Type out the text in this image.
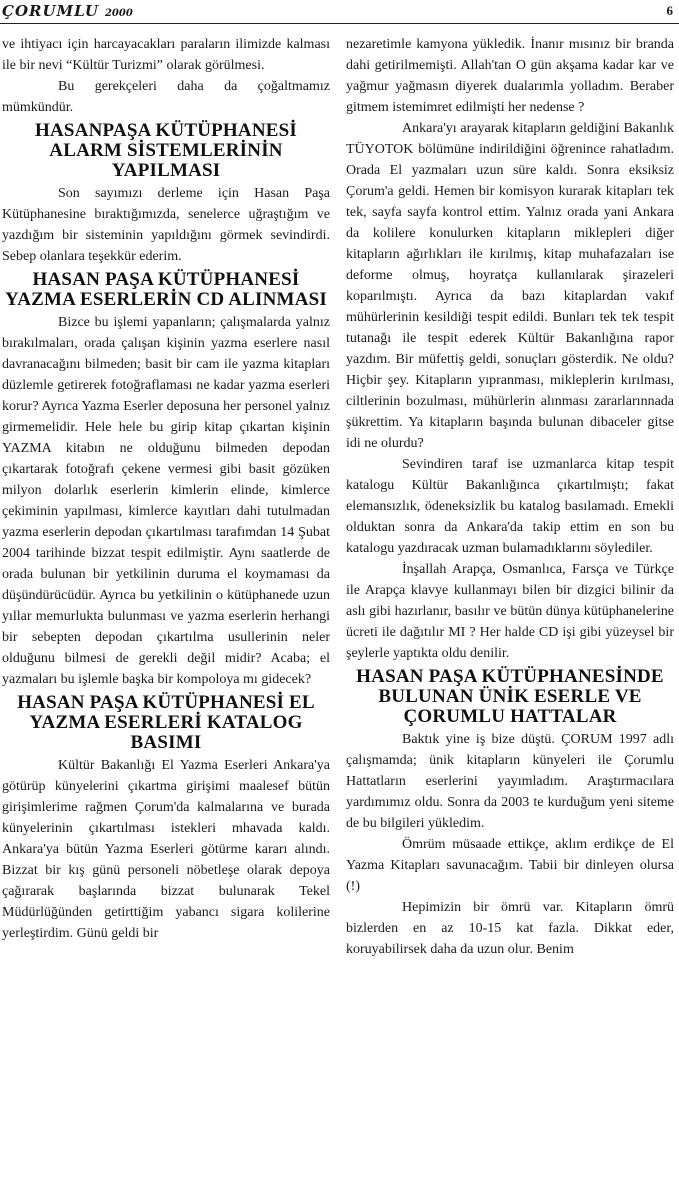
ÇORUMLU 2000	6

ve ihtiyacı için harcayacakları paraların ilimizde kalması ile bir nevi “Kültür Turizmi” olarak görülmesi.

Bu gerekçeleri daha da çoğaltmamız mümkündür.

HASANPAŞA KÜTÜPHANESİ ALARM SİSTEMLERİNİN YAPILMASI

Son sayımızı derleme için Hasan Paşa Kütüphanesine bıraktığımızda, senelerce uğraştığım ve yazdığım bir sisteminin yapıldığını görmek sevindirdi. Sebep olanlara teşekkür ederim.

HASAN PAŞA KÜTÜPHANESİ YAZMA ESERLERİN CD ALINMASI

Bizce bu işlemi yapanların; çalışmalarda yalnız bırakılmaları, orada çalışan kişinin yazma eserlere nasıl davranacağını bilmeden; basit bir cam ile yazma kitapları düzlemle getirerek fotoğraflaması ne kadar yazma eserleri korur? Ayrıca Yazma Eserler deposuna her personel yalnız girmemelidir. Hele hele bu girip kitap çıkartan kişinin YAZMA kitabın ne olduğunu bilmeden depodan çıkartarak fotoğrafı çekene vermesi gibi basit gözüken milyon dolarlık eserlerin kimlerin elinde, kimlerce çekiminin yapılması, kimlerce kayıtları dahi tutulmadan yazma eserlerin depodan çıkartılması tarafımdan 14 Şubat 2004 tarihinde bizzat tespit edilmiştir. Aynı saatlerde de orada bulunan bir yetkilinin duruma el koymaması da düşündürücüdür. Ayrıca bu yetkilinin o kütüphanede uzun yıllar memurlukta bulunması ve yazma eserlerin herhangi bir sebepten depodan çıkartılma usullerinin neler olduğunu bilmesi de gerekli değil midir? Acaba; el yazmaları bu işlemle başka bir kompoloya mı gidecek?

HASAN PAŞA KÜTÜPHANESİ EL YAZMA ESERLERİ KATALOG BASIMI

Kültür Bakanlığı El Yazma Eserleri Ankara'ya götürüp künyelerini çıkartma girişimi maalesef bütün girişimlerime rağmen Çorum'da kalmalarına ve burada künyelerinin çıkartılması istekleri mhavada kaldı. Ankara'ya bütün Yazma Eserleri götürme kararı alındı. Bizzat bir kış günü personeli nöbetleşe olarak depoya çağırarak başlarında bizzat bulunarak Tekel Müdürlüğünden getirttiğim yabancı sigara kolilerine yerleştirdim. Günü geldi bir

nezaretimle kamyona yükledik. İnanır mısınız bir branda dahi getirilmemişti. Allah'tan O gün akşama kadar kar ve yağmur yağmasın diyerek dualarımla yolladım. Beraber gitmem istemimret edilmişti her nedense ?

Ankara'yı arayarak kitapların geldiğini Bakanlık TÜYOTOK bölümüne indirildiğini öğrenince rahatladım. Orada El yazmaları uzun süre kaldı. Sonra eksiksiz Çorum'a geldi. Hemen bir komisyon kurarak kitapları tek tek, sayfa sayfa kontrol ettim. Yalnız orada yani Ankara da kolilere konulurken kitapların miklepleri diğer kitapların ağırlıkları ile kırılmış, kitap muhafazaları ise deforme olmuş, hoyratça kullanılarak şirazeleri koparılmıştı. Ayrıca da bazı kitaplardan vakıf mühürlerinin kesildiği tespit edildi. Bunları tek tek tespit tutanağı ile tespit ederek Kültür Bakanlığına rapor yazdım. Bir müfettiş geldi, sonuçları gösterdik. Ne oldu? Hiçbir şey. Kitapların yıpranması, mikleplerin kırılması, ciltlerinin bozulması, mühürlerin alınması zararlarınnada şükrettim. Ya kitapların başında bulunan dibaceler gitse idi ne olurdu?

Sevindiren taraf ise uzmanlarca kitap tespit katalogu Kültür Bakanlığınca çıkartılmıştı; fakat elemansızlık, ödeneksizlik bu katalog basılamadı. Emekli olduktan sonra da Ankara'da takip ettim en son bu katalogu yazdıracak uzman bulamadıklarını söylediler.

İnşallah Arapça, Osmanlıca, Farsça ve Türkçe ile Arapça klavye kullanmayı bilen bir dizgici bilinir da aslı gibi hazırlanır, basılır ve bütün dünya kütüphanelerine ücreti ile dağıtılır MI ? Her halde CD işi gibi yüzeysel bir şeylerle yaptıkta oldu denilir.

HASAN PAŞA KÜTÜPHANESİNDE BULUNAN ÜNİK ESERLE VE ÇORUMLU HATTALAR

Baktık yine iş bize düştü. ÇORUM 1997 adlı çalışmamda; ünik kitapların künyeleri ile Çorumlu Hattatların eserlerini yayımladım. Araştırmacılara yardımımız oldu. Sonra da 2003 te kurduğum yeni siteme de bu bilgileri yükledim.

Ömrüm müsaade ettikçe, aklım erdikçe de El Yazma Kitapları savunacağım. Tabii bir dinleyen olursa (!)

Hepimizin bir ömrü var. Kitapların ömrü bizlerden en az 10-15 kat fazla. Dikkat eder, koruyabilirsek daha da uzun olur. Benim
